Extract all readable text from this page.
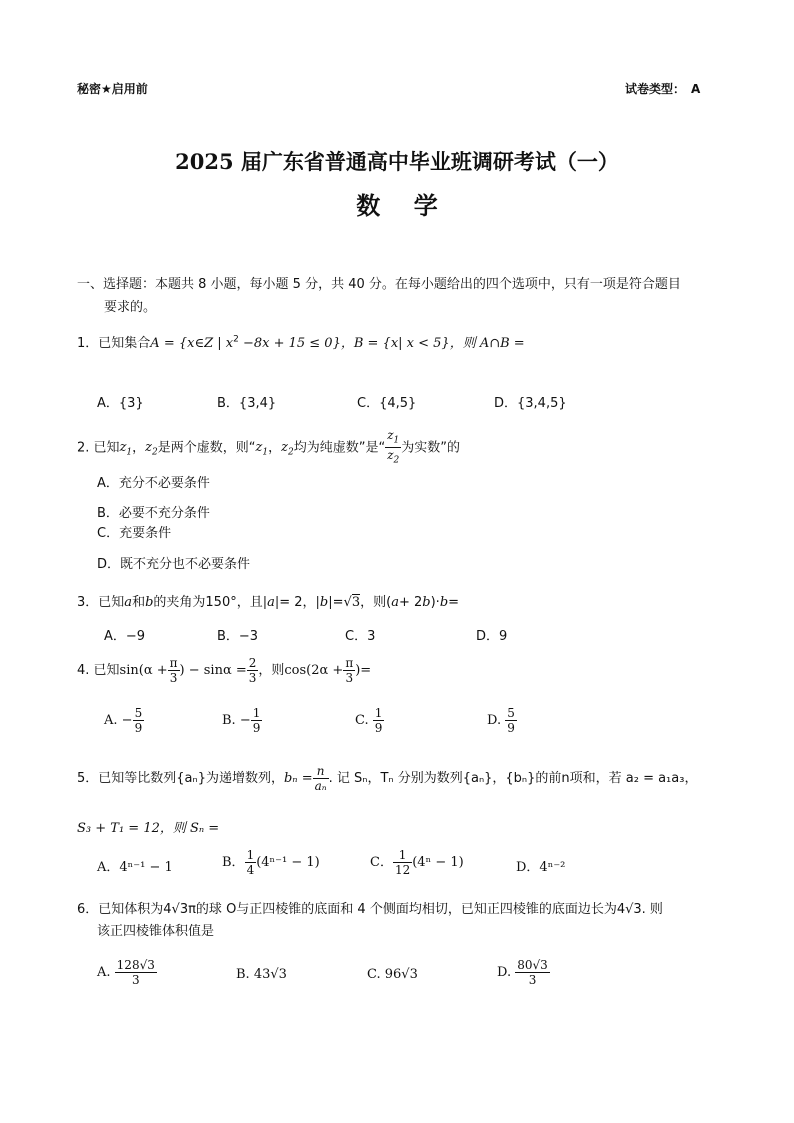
秘密★启用前	试卷类型： A
2025 届广东省普通高中毕业班调研考试（一）
数    学
一、选择题：本题共 8 小题，每小题 5 分，共 40 分。在每小题给出的四个选项中，只有一项是符合题目
要求的。
1．已知集合A = {x∈Z | $x^2 -8x + 15 \le 0$}，B = {x| x < 5}，则 A∩B =
A．{3}	B．{3,4}	C．{4,5}	D．{3,4,5}
2. 已知$z_1$，$z_2$是两个虚数，则“$z_1$，$z_2$均为纯虚数”是“ $\frac{z_1}{z_2}$ 为实数”的
A．充分不必要条件
B．必要不充分条件
C．充要条件
D．既不充分也不必要条件
3．已知a和b的夹角为150°，且|a|= 2，|b|=√3，则(a+ 2b)·b=
A．−9	B．−3	C．3	D．9
4. 已知$\sin(\alpha + \frac{\pi}{3}$ ) − $\sin\alpha = \frac{2}{3}$ ，则$\cos(2\alpha + \frac{\pi}{3}$ )=
A. − $\frac{5}{9}$	B. − $\frac{1}{9}$	C. $\frac{1}{9}$	D. $\frac{5}{9}$
5．已知等比数列{aₙ}为递增数列，$b_n = \frac{n}{\text{aₙ}}$ . 记 Sₙ，Tₙ 分别为数列{aₙ}，{bₙ}的前n项和，若 a₂ = a₁a₃，
S₃ + T₁ = 12，则 Sₙ =
A．4ⁿ⁻¹ − 1	B． $\frac{1}{4} (4^{n-1} - 1)$	C． $\frac{1}{12} (4^n - 1)$	D．4ⁿ⁻²
6．已知体积为4√3π的球 O与正四棱锥的底面和 4 个侧面均相切，已知正四棱锥的底面边长为4√3. 则
该正四棱锥体积值是
A. $\frac{128√3}{3}$	B. 43√3	C. 96√3	D. $\frac{80√3}{3}$
